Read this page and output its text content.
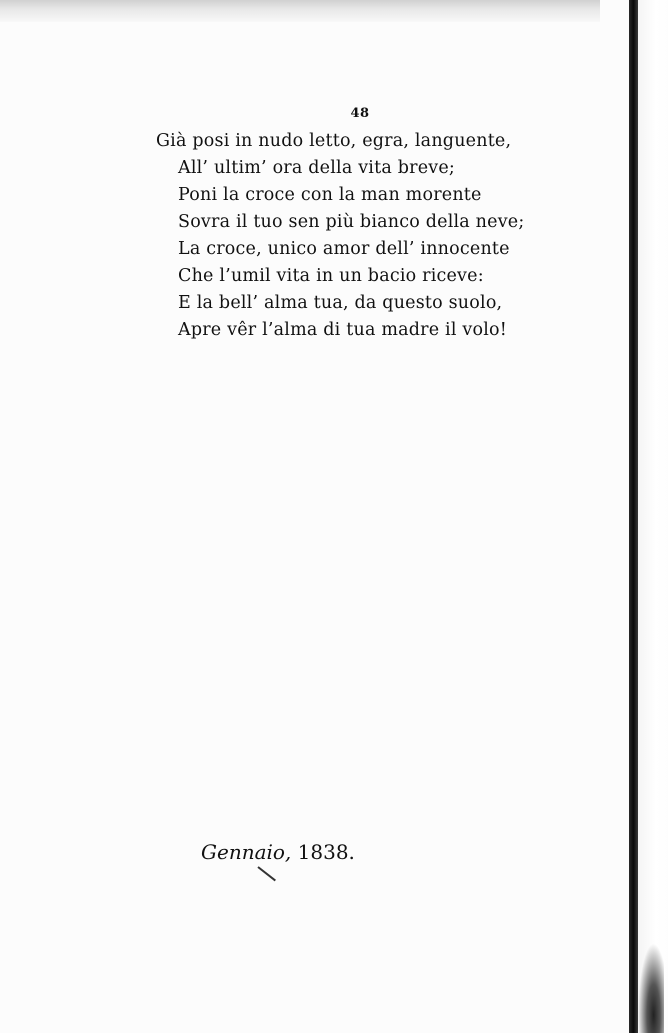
48
Già posi in nudo letto, egra, languente,
All’ ultim’ ora della vita breve;
Poni la croce con la man morente
Sovra il tuo sen più bianco della neve;
La croce, unico amor dell’ innocente
Che l’umil vita in un bacio riceve:
E la bell’ alma tua, da questo suolo,
Apre vêr l’alma di tua madre il volo!
Gennaio, 1838.
